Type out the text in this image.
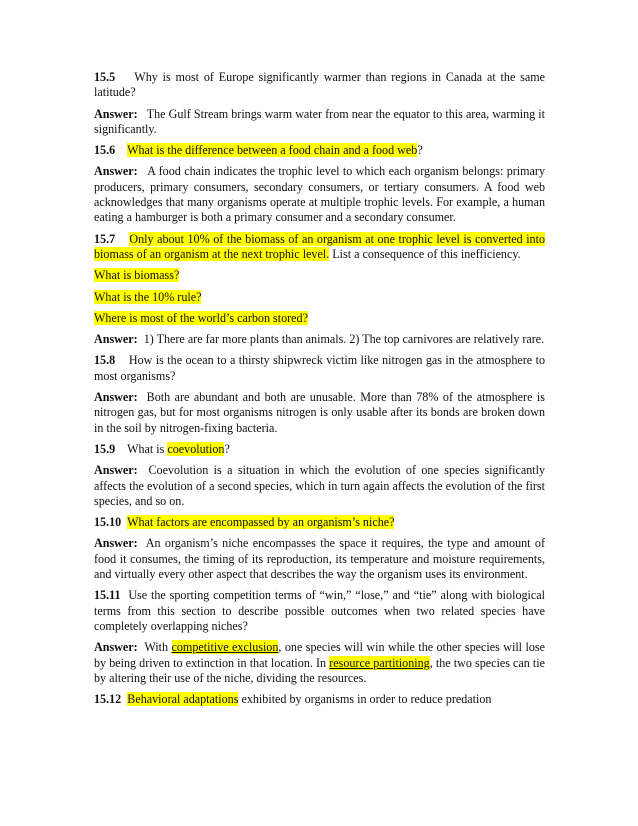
15.5 Why is most of Europe significantly warmer than regions in Canada at the same latitude?

Answer: The Gulf Stream brings warm water from near the equator to this area, warming it significantly.

15.6 What is the difference between a food chain and a food web?

Answer: A food chain indicates the trophic level to which each organism belongs: primary producers, primary consumers, secondary consumers, or tertiary consumers. A food web acknowledges that many organisms operate at multiple trophic levels. For example, a human eating a hamburger is both a primary consumer and a secondary consumer.

15.7 Only about 10% of the biomass of an organism at one trophic level is converted into biomass of an organism at the next trophic level. List a consequence of this inefficiency.

What is biomass?

What is the 10% rule?

Where is most of the world’s carbon stored?

Answer: 1) There are far more plants than animals. 2) The top carnivores are relatively rare.

15.8 How is the ocean to a thirsty shipwreck victim like nitrogen gas in the atmosphere to most organisms?

Answer: Both are abundant and both are unusable. More than 78% of the atmosphere is nitrogen gas, but for most organisms nitrogen is only usable after its bonds are broken down in the soil by nitrogen-fixing bacteria.

15.9 What is coevolution?

Answer: Coevolution is a situation in which the evolution of one species significantly affects the evolution of a second species, which in turn again affects the evolution of the first species, and so on.

15.10 What factors are encompassed by an organism’s niche?

Answer: An organism’s niche encompasses the space it requires, the type and amount of food it consumes, the timing of its reproduction, its temperature and moisture requirements, and virtually every other aspect that describes the way the organism uses its environment.

15.11 Use the sporting competition terms of “win,” “lose,” and “tie” along with biological terms from this section to describe possible outcomes when two related species have completely overlapping niches?

Answer: With competitive exclusion, one species will win while the other species will lose by being driven to extinction in that location. In resource partitioning, the two species can tie by altering their use of the niche, dividing the resources.

15.12 Behavioral adaptations exhibited by organisms in order to reduce predation
